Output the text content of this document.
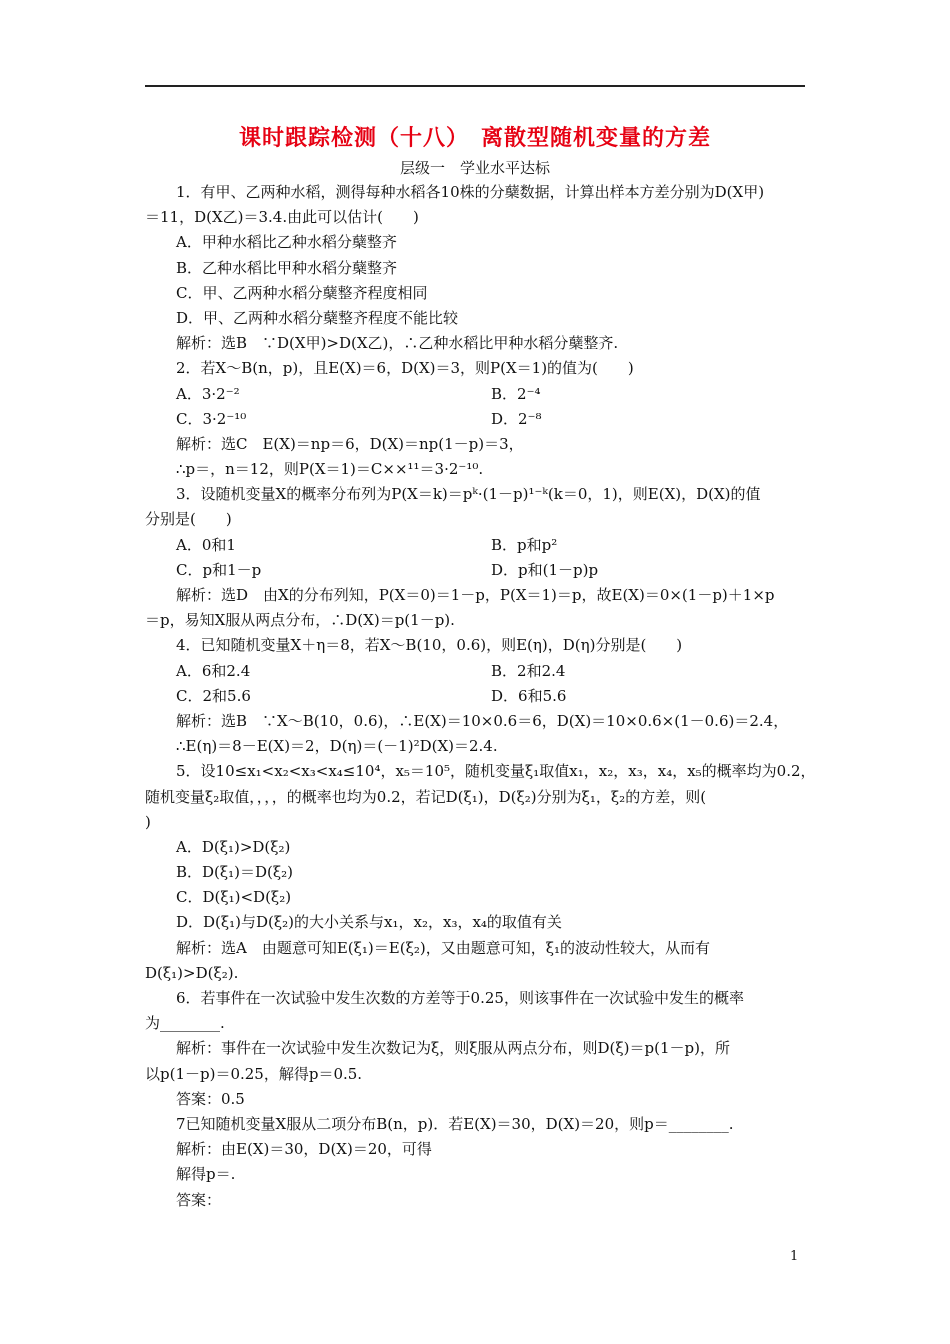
课时跟踪检测（十八）　离散型随机变量的方差
层级一　学业水平达标
1．有甲、乙两种水稻，测得每种水稻各10株的分蘖数据，计算出样本方差分别为D(X甲)
＝11，D(X乙)＝3.4.由此可以估计(　　)
A．甲种水稻比乙种水稻分蘖整齐
B．乙种水稻比甲种水稻分蘖整齐
C．甲、乙两种水稻分蘖整齐程度相同
D．甲、乙两种水稻分蘖整齐程度不能比较
解析：选B　∵D(X甲)>D(X乙)，∴乙种水稻比甲种水稻分蘖整齐.
2．若X～B(n，p)，且E(X)＝6，D(X)＝3，则P(X＝1)的值为(　　)
A．3·2⁻²	B．2⁻⁴
C．3·2⁻¹⁰	D．2⁻⁸
解析：选C　E(X)＝np＝6，D(X)＝np(1－p)＝3，
∴p＝，n＝12，则P(X＝1)＝C××¹¹＝3·2⁻¹⁰.
3．设随机变量X的概率分布列为P(X＝k)＝pᵏ·(1－p)¹⁻ᵏ(k＝0，1)，则E(X)，D(X)的值
分别是(　　)
A．0和1	B．p和p²
C．p和1－p	D．p和(1－p)p
解析：选D　由X的分布列知，P(X＝0)＝1－p，P(X＝1)＝p，故E(X)＝0×(1－p)＋1×p
＝p，易知X服从两点分布，∴D(X)＝p(1－p).
4．已知随机变量X＋η＝8，若X～B(10，0.6)，则E(η)，D(η)分别是(　　)
A．6和2.4	B．2和2.4
C．2和5.6	D．6和5.6
解析：选B　∵X～B(10，0.6)，∴E(X)＝10×0.6＝6，D(X)＝10×0.6×(1－0.6)＝2.4，
∴E(η)＝8－E(X)＝2，D(η)＝(－1)²D(X)＝2.4.
5．设10≤x₁<x₂<x₃<x₄≤10⁴，x₅＝10⁵，随机变量ξ₁取值x₁，x₂，x₃，x₄，x₅的概率均为0.2，
随机变量ξ₂取值，，，，的概率也均为0.2，若记D(ξ₁)，D(ξ₂)分别为ξ₁，ξ₂的方差，则(
)
A．D(ξ₁)>D(ξ₂)
B．D(ξ₁)＝D(ξ₂)
C．D(ξ₁)<D(ξ₂)
D．D(ξ₁)与D(ξ₂)的大小关系与x₁，x₂，x₃，x₄的取值有关
解析：选A　由题意可知E(ξ₁)＝E(ξ₂)，又由题意可知，ξ₁的波动性较大，从而有
D(ξ₁)>D(ξ₂).
6．若事件在一次试验中发生次数的方差等于0.25，则该事件在一次试验中发生的概率
为________.
解析：事件在一次试验中发生次数记为ξ，则ξ服从两点分布，则D(ξ)＝p(1－p)，所
以p(1－p)＝0.25，解得p＝0.5.
答案：0.5
7已知随机变量X服从二项分布B(n，p)．若E(X)＝30，D(X)＝20，则p＝________.
解析：由E(X)＝30，D(X)＝20，可得
解得p＝.
答案：
1
